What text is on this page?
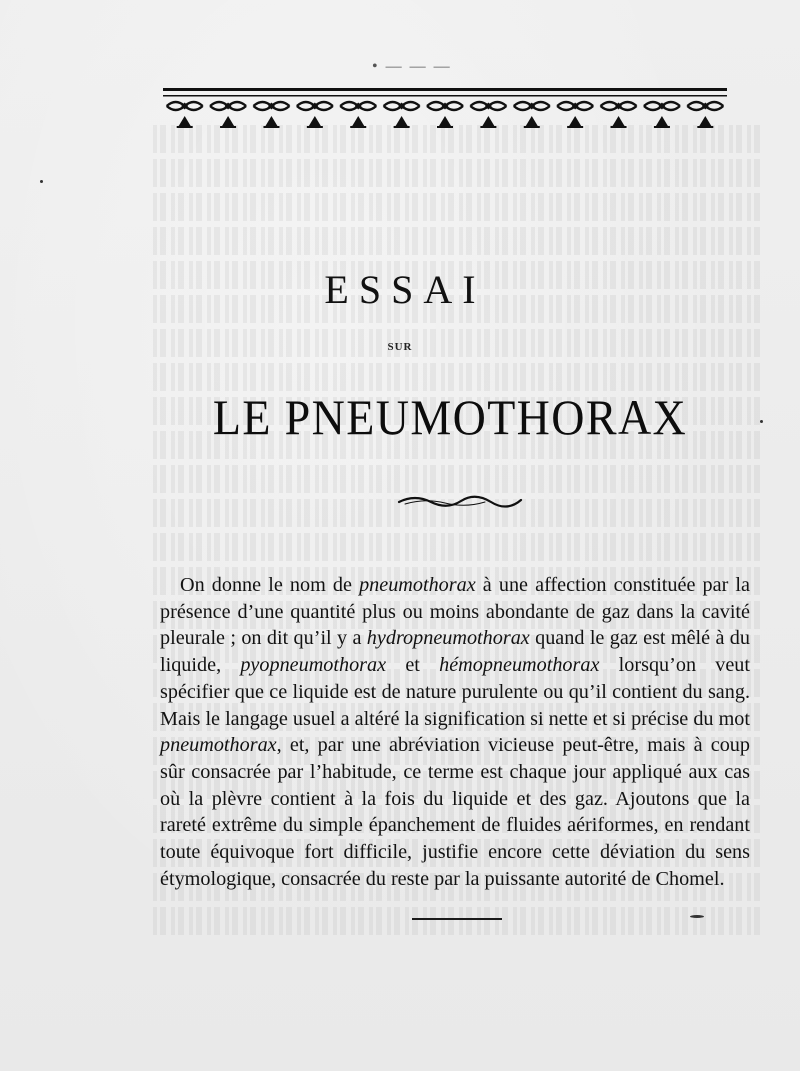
• — — —
ESSAI
SUR
LE PNEUMOTHORAX

On donne le nom de pneumothorax à une affection constituée par la présence d’une quantité plus ou moins abondante de gaz dans la cavité pleurale ; on dit qu’il y a hydropneumothorax quand le gaz est mêlé à du liquide, pyopneumothorax et hémopneumothorax lorsqu’on veut spécifier que ce liquide est de nature purulente ou qu’il contient du sang. Mais le langage usuel a altéré la signification si nette et si précise du mot pneumothorax, et, par une abréviation vicieuse peut-être, mais à coup sûr consacrée par l’habitude, ce terme est chaque jour appliqué aux cas où la plèvre contient à la fois du liquide et des gaz. Ajoutons que la rareté extrême du simple épanchement de fluides aériformes, en rendant toute équivoque fort difficile, justifie encore cette déviation du sens étymologique, consacrée du reste par la puissante autorité de Chomel.
